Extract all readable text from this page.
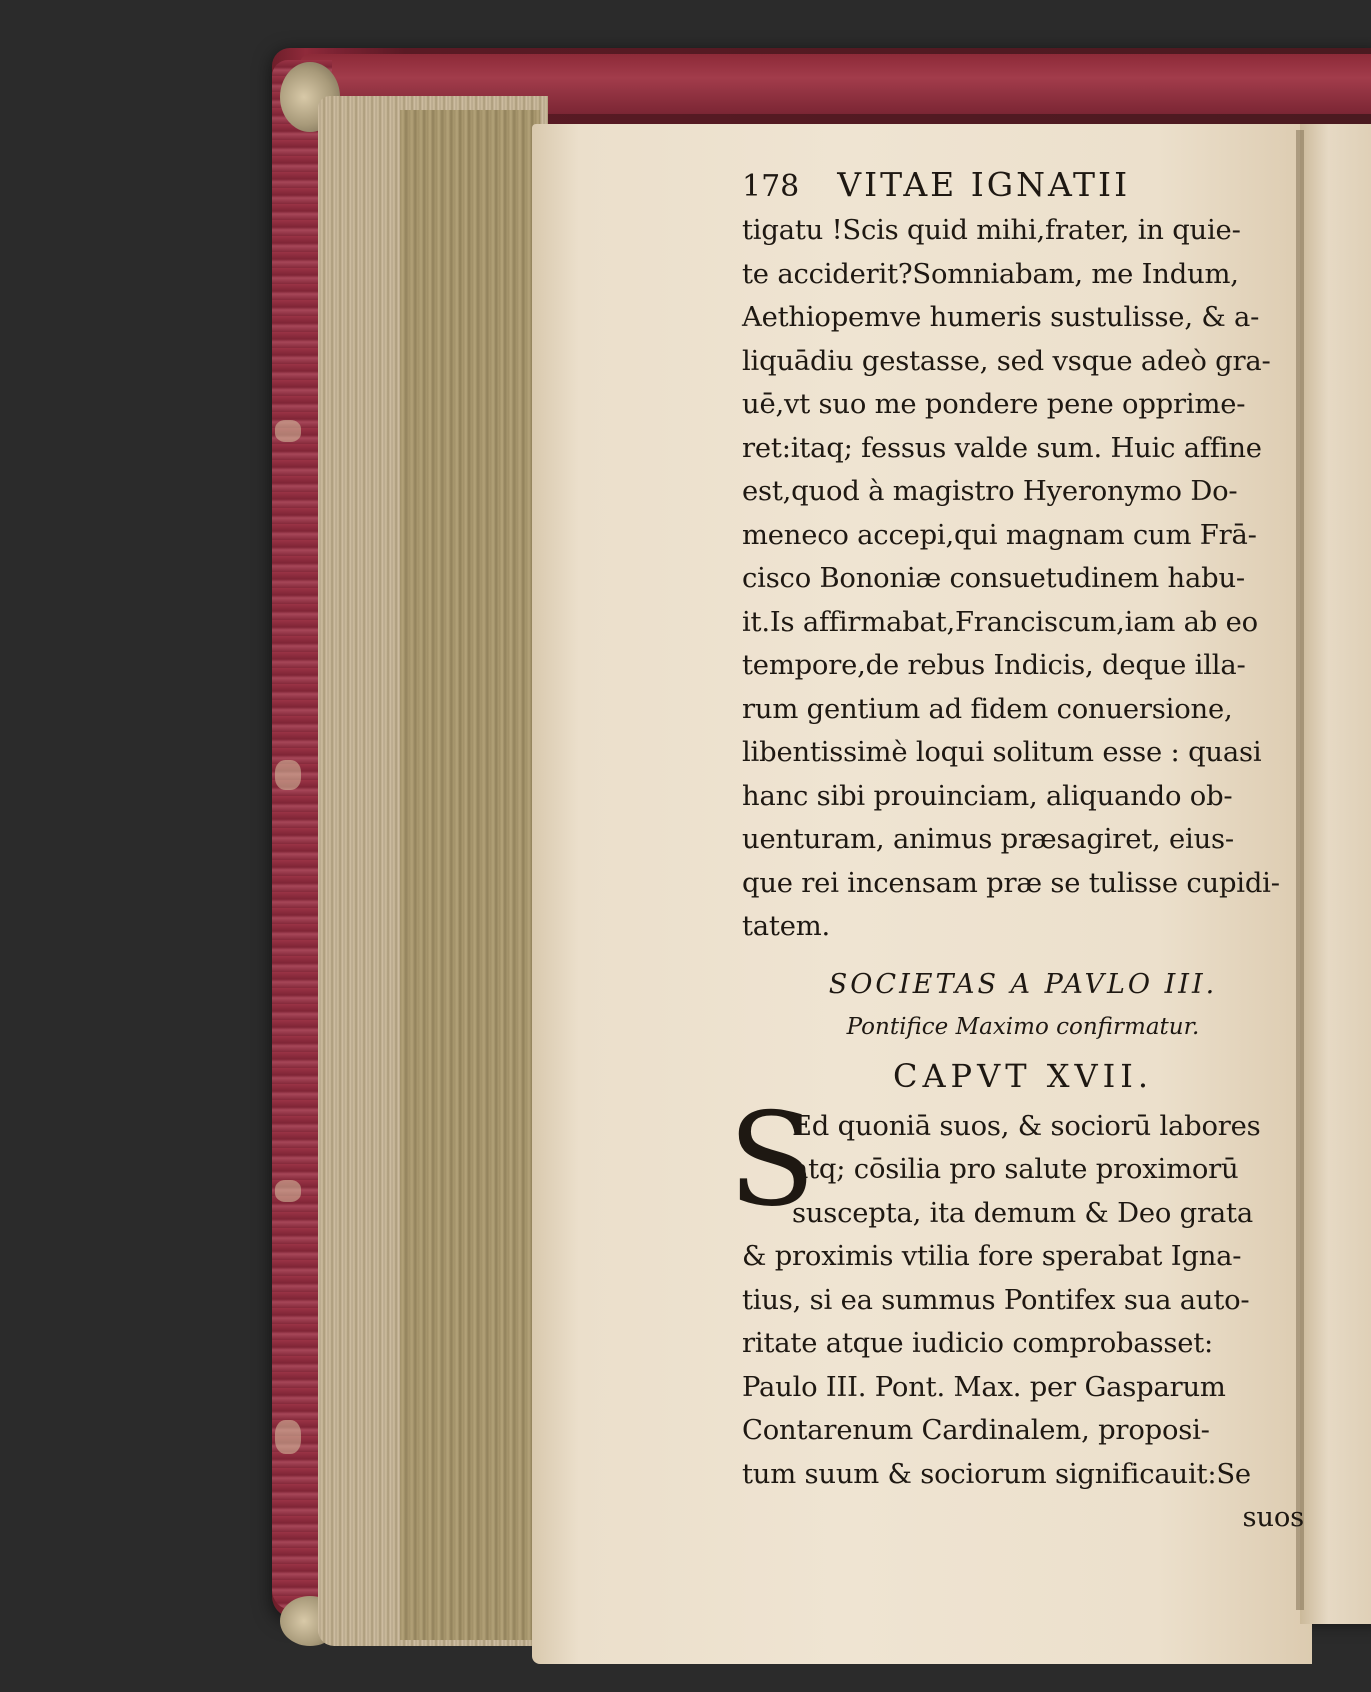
178 VITAE IGNATII
tigatu !Scis quid mihi,frater, in quie-
te acciderit?Somniabam, me Indum,
Aethiopemve humeris sustulisse, & a-
liquādiu gestasse, sed vsque adeò gra-
uē,vt suo me pondere pene opprime-
ret:itaq; fessus valde sum. Huic affine
est,quod à magistro Hyeronymo Do-
meneco accepi,qui magnam cum Frā-
cisco Bononiæ consuetudinem habu-
it.Is affirmabat,Franciscum,iam ab eo
tempore,de rebus Indicis, deque illa-
rum gentium ad fidem conuersione,
libentissimè loqui solitum esse : quasi
hanc sibi prouinciam, aliquando ob-
uenturam, animus præsagiret, eius-
que rei incensam præ se tulisse cupidi-
tatem.
SOCIETAS A PAVLO III.
Pontifice Maximo confirmatur.
CAPVT XVII.
S
Ed quoniā suos, & sociorū labores
atq; cōsilia pro salute proximorū
suscepta, ita demum & Deo grata
& proximis vtilia fore sperabat Igna-
tius, si ea summus Pontifex sua auto-
ritate atque iudicio comprobasset:
Paulo III. Pont. Max. per Gasparum
Contarenum Cardinalem, proposi-
tum suum & sociorum significauit:Se
suos
